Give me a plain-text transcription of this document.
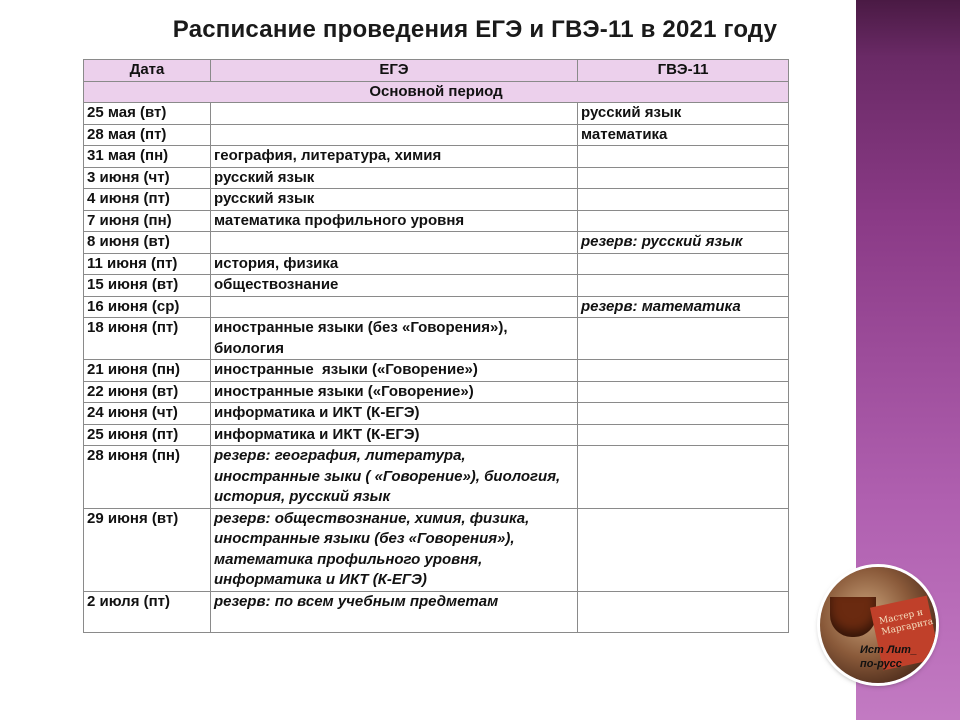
Расписание проведения ЕГЭ и ГВЭ-11 в 2021 году
Дата	ЕГЭ	ГВЭ-11
Основной период		
25 мая (вт)		русский язык
28 мая (пт)		математика
31 мая (пн)	география, литература, химия	
3 июня (чт)	русский язык	
4 июня (пт)	русский язык	
7 июня (пн)	математика профильного уровня	
8 июня (вт)		резерв: русский язык
11 июня (пт)	история, физика	
15 июня (вт)	обществознание	
16 июня (ср)		резерв: математика
18 июня (пт)	иностранные языки (без «Говорения»), биология	
21 июня (пн)	иностранные  языки («Говорение»)	
22 июня (вт)	иностранные языки («Говорение»)	
24 июня (чт)	информатика и ИКТ (К-ЕГЭ)	
25 июня (пт)	информатика и ИКТ (К-ЕГЭ)	
28 июня (пн)	резерв: география, литература, иностранные зыки ( «Говорение»), биология, история, русский язык	
29 июня (вт)	резерв: обществознание, химия, физика, иностранные языки (без «Говорения»), математика профильного уровня, информатика и ИКТ (К-ЕГЭ)	
2 июля (пт)	резерв: по всем учебным предметам	
Мастер и Маргарита
Ист Лит_
по-русс
